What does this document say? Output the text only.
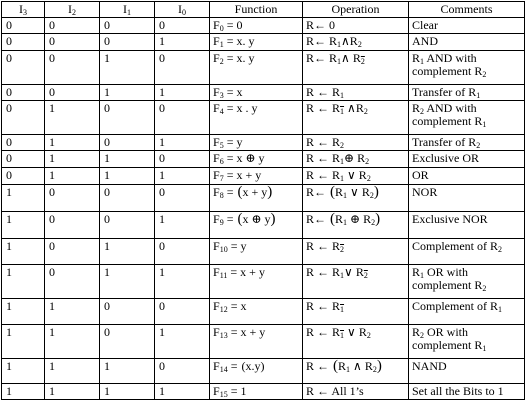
$I_3$	$I_2$	$I_1$	$I_0$	Function	Operation	Comments
0	0	0	0	$F_0 = 0$	R← 0	Clear
0	0	0	1	$F_1 = x$. y	R← $R_1\wedge R_2$	AND
0	0	1	0	$F_2 = x$. $\overline{y}$	R← $R_1\wedge$ $R_2$	$R_1$ AND with complement $R_2$
0	0	1	1	$F_3 = x$	R ← $R_1$	Transfer of $R_1$
0	1	0	0	$F_4 = \overline{x}$ . y	R ← $R_1$ $\wedge R_2$	$R_2$ AND with complement $R_1$
0	1	0	1	$F_5 = y$	R ← $R_2$	Transfer of $R_2$
0	1	1	0	$F_6 = x$ ⊕ y	R ← $R_1\oplus$ $R_2$	Exclusive OR
0	1	1	1	$F_7 = x + y$	R ← $R_1$ ∨ $R_2$	OR
1	0	0	0	$F_8 = (x + y)$	R← ($R_1$ ∨ $R_2$)	NOR
1	0	0	1	$F_9 = (x$ ⊕ y)	R← ($R_1$ ⊕ $R_2$)	Exclusive NOR
1	0	1	0	$F_{10} = \overline{y}$	R ← $R_2$	Complement of $R_2$
1	0	1	1	$F_{11} = x + \overline{y}$	R ← $R_1\vee$ $R_2$	$R_1$ OR with complement $R_2$
1	1	0	0	$F_{12} = \overline{x}$	R ← $R_1$	Complement of $R_1$
1	1	0	1	$F_{13} = \overline{x} + y$	R ← $R_1$ ∨ $R_2$	$R_2$ OR with complement $R_1$
1	1	1	0	$F_{14} = (x.y)$	R ← ($R_1$ ∧ $R_2$)	NAND
1	1	1	1	$F_{15} = 1$	R ← All 1’s	Set all the Bits to 1
